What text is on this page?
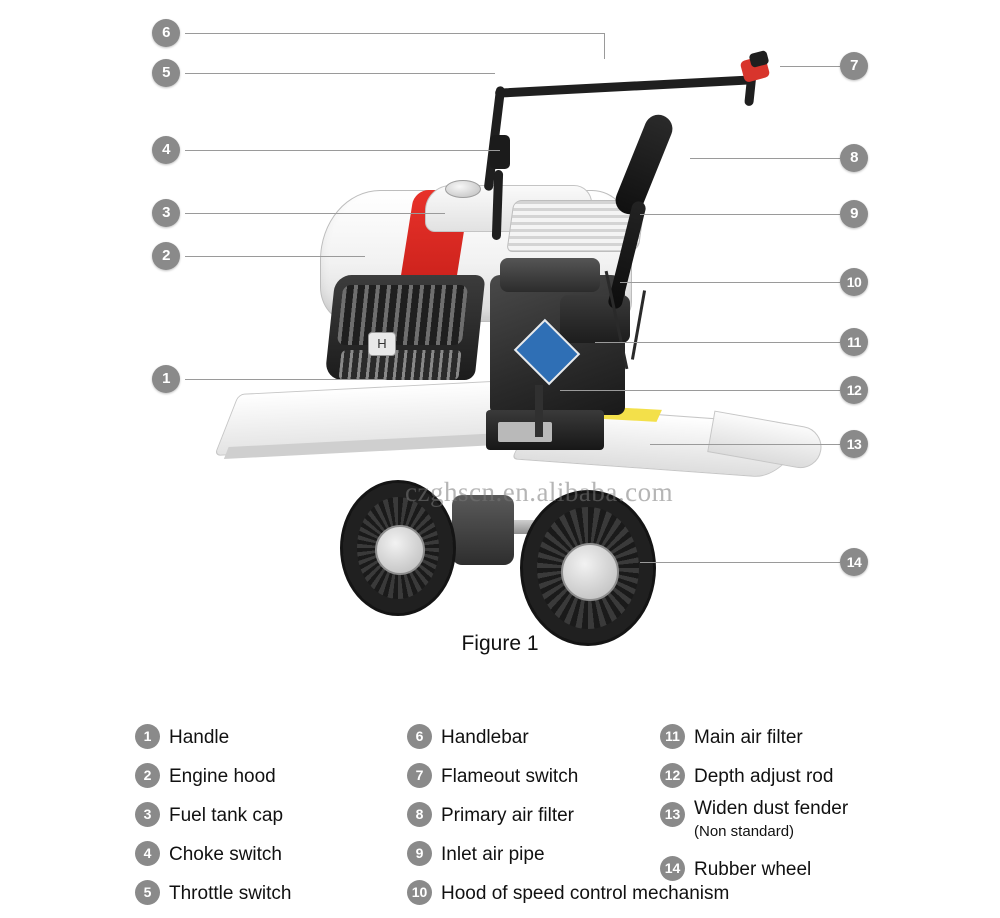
H
czghscn.en.alibaba.com
6
5
4
3
2
1
7
8
9
10
11
12
13
14
Figure 1
1 Handle
2 Engine hood
3 Fuel tank cap
4 Choke switch
5 Throttle switch
6 Handlebar
7 Flameout switch
8 Primary air filter
9 Inlet air pipe
10 Hood of speed control mechanism
11 Main air filter
12 Depth adjust rod
13 Widen dust fender
(Non standard)
14 Rubber wheel
